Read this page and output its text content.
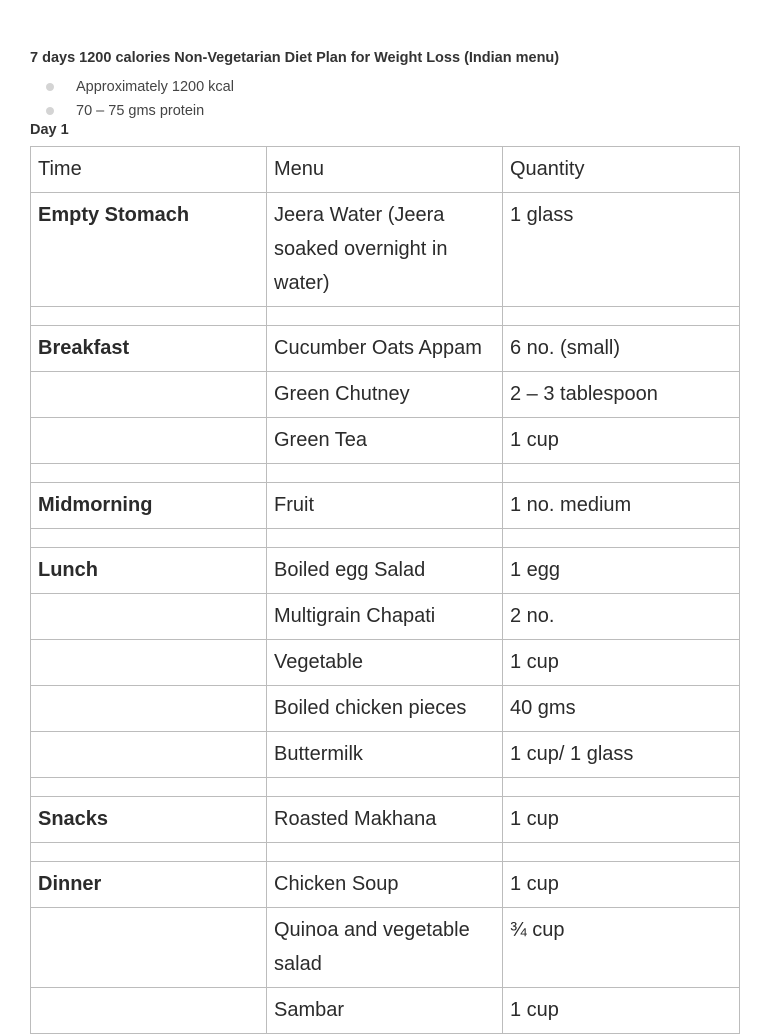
7 days 1200 calories Non-Vegetarian Diet Plan for Weight Loss (Indian menu)
Approximately 1200 kcal
70 – 75 gms protein
Day 1
Time	Menu	Quantity
Empty Stomach	Jeera Water (Jeera soaked overnight in water)	1 glass

Breakfast	Cucumber Oats Appam	6 no. (small)
	Green Chutney	2 – 3 tablespoon
	Green Tea	1 cup

Midmorning	Fruit	1 no. medium

Lunch	Boiled egg Salad	1 egg
	Multigrain Chapati	2 no.
	Vegetable	1 cup
	Boiled chicken pieces	40 gms
	Buttermilk	1 cup/ 1 glass

Snacks	Roasted Makhana	1 cup

Dinner	Chicken Soup	1 cup
	Quinoa and vegetable salad	¾ cup
	Sambar	1 cup
